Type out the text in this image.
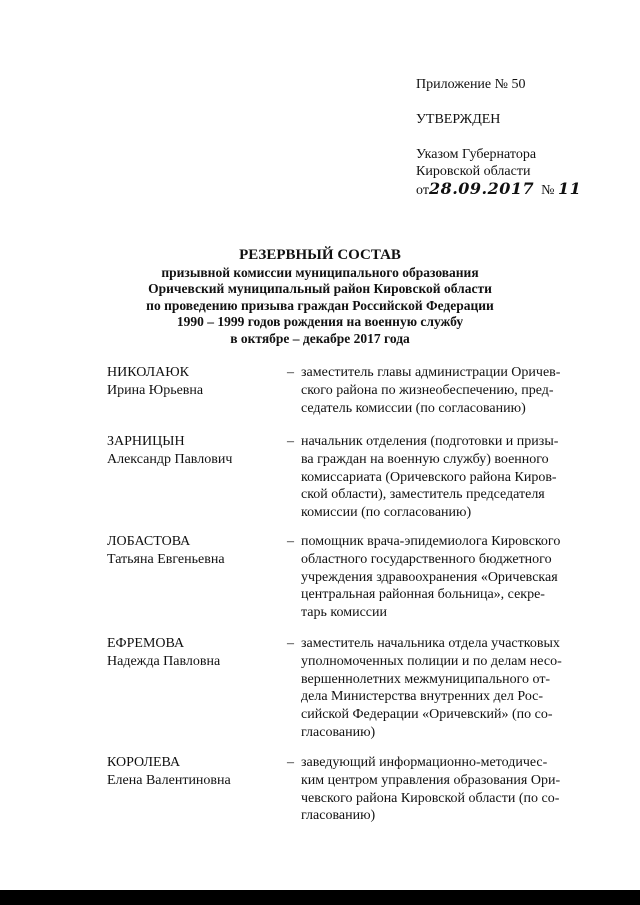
Приложение № 50
УТВЕРЖДЕН
Указом Губернатора
Кировской области
от28.09.2017 № 11
РЕЗЕРВНЫЙ СОСТАВ
призывной комиссии муниципального образования
Оричевский муниципальный район Кировской области
по проведению призыва граждан Российской Федерации
1990 – 1999 годов рождения на военную службу
в октябре – декабре 2017 года
НИКОЛАЮК
Ирина Юрьевна
– заместитель главы администрации Оричев-
ского района по жизнеобеспечению, пред-
седатель комиссии (по согласованию)
ЗАРНИЦЫН
Александр Павлович
– начальник отделения (подготовки и призы-
ва граждан на военную службу) военного
комиссариата (Оричевского района Киров-
ской области), заместитель председателя
комиссии (по согласованию)
ЛОБАСТОВА
Татьяна Евгеньевна
– помощник врача-эпидемиолога Кировского
областного государственного бюджетного
учреждения здравоохранения «Оричевская
центральная районная больница», секре-
тарь комиссии
ЕФРЕМОВА
Надежда Павловна
– заместитель начальника отдела участковых
уполномоченных полиции и по делам несо-
вершеннолетних межмуниципального от-
дела Министерства внутренних дел Рос-
сийской Федерации «Оричевский» (по со-
гласованию)
КОРОЛЕВА
Елена Валентиновна
– заведующий информационно-методичес-
ким центром управления образования Ори-
чевского района Кировской области (по со-
гласованию)
